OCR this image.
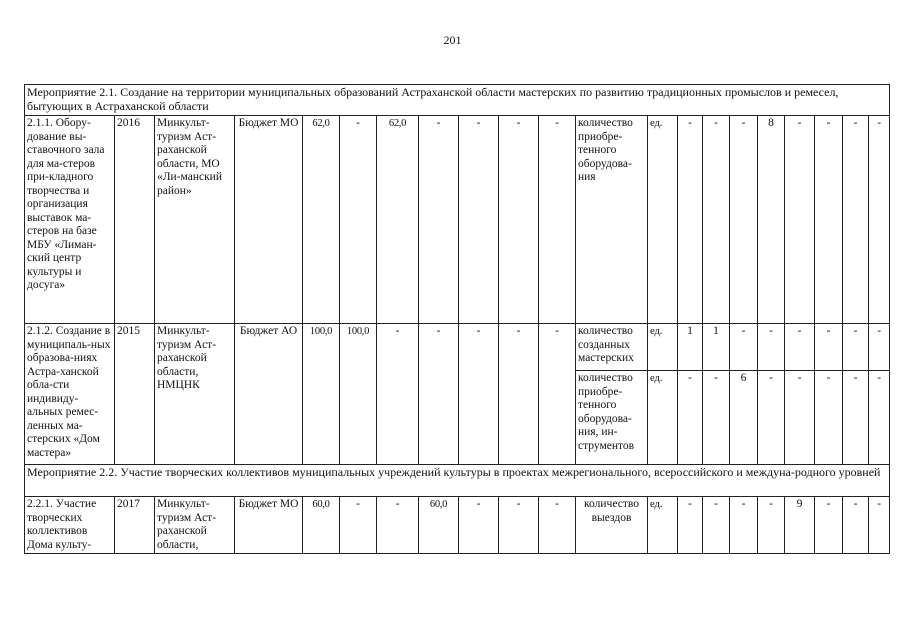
201
Мероприятие 2.1. Создание на территории муниципальных образований Астраханской области мастерских по развитию традиционных промыслов и ремесел, бытующих в Астраханской области																				
2.1.1. Обору-дование вы-ставочного зала для ма-стеров при-кладного творчества и организация выставок ма-стеров на базе МБУ «Лиман-ский центр культуры и досуга»	2016	Минкульт-туризм Аст-раханской области, МО «Ли-манский район»	Бюджет МО	62,0	-	62,0	-	-	-	-	количество приобре-тенного оборудова-ния	ед.	-	-	-	8	-	-	-	-
2.1.2. Создание в муниципаль-ных образова-ниях Астра-ханской обла-сти индивиду-альных ремес-ленных ма-стерских «Дом мастера»	2015	Минкульт-туризм Аст-раханской области, НМЦНК	Бюджет АО	100,0	100,0	-	-	-	-	-	количество созданных мастерских	ед.	1	1	-	-	-	-	-	-
											количество приобре-тенного оборудова-ния, ин-струментов	ед.	-	-	6	-	-	-	-	-
Мероприятие 2.2. Участие творческих коллективов муниципальных учреждений культуры в проектах межрегионального, всероссийского и междуна-родного уровней																				
2.2.1. Участие творческих коллективов Дома культу-	2017	Минкульт-туризм Аст-раханской области,	Бюджет МО	60,0	-	-	60,0	-	-	-	количество выездов	ед.	-	-	-	-	9	-	-	-
